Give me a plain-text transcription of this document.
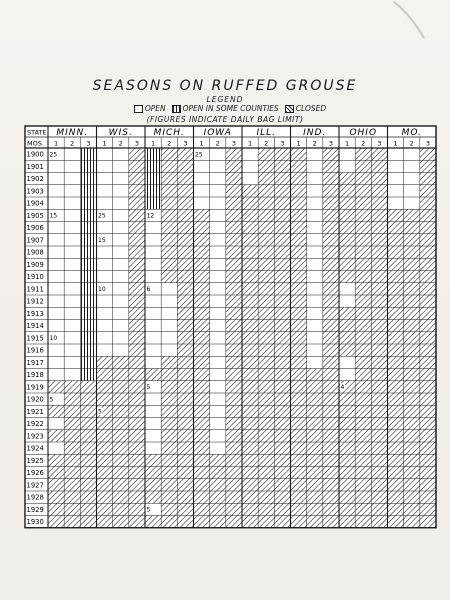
SEASONS ON RUFFED GROUSE
LEGEND
OPEN OPEN IN SOME COUNTIES CLOSED
(FIGURES INDICATE DAILY BAG LIMIT)
STATE
MOS.
MINN.
1 2 3
25
15
10
5
WIS.
1 2 3
25
15
10
5
MICH.
1 2 3
12
6
5
5
IOWA
1 2 3
25
ILL.
1 2 3
IND.
1 2 3
OHIO
1 2 3
4
MO.
1 2 3
1900
1901
1902
1903
1904
1905
1906
1907
1908
1909
1910
1911
1912
1913
1914
1915
1916
1917
1918
1919
1920
1921
1922
1923
1924
1925
1926
1927
1928
1929
1930
